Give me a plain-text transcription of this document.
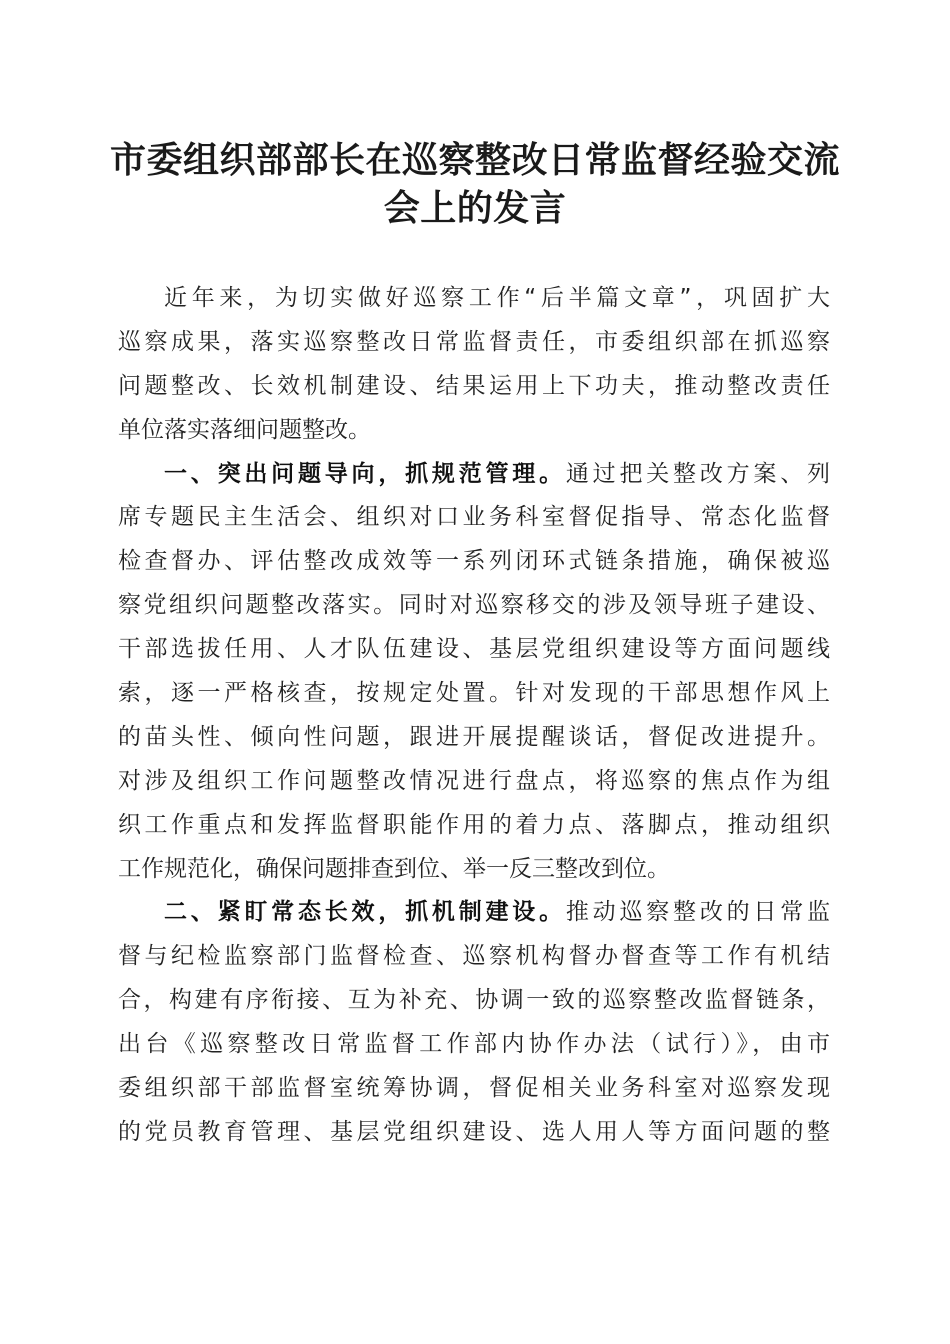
市委组织部部长在巡察整改日常监督经验交流
会上的发言
近年来，为切实做好巡察工作“后半篇文章”，巩固扩大
巡察成果，落实巡察整改日常监督责任，市委组织部在抓巡察
问题整改、长效机制建设、结果运用上下功夫，推动整改责任
单位落实落细问题整改。
一、突出问题导向，抓规范管理。通过把关整改方案、列
席专题民主生活会、组织对口业务科室督促指导、常态化监督
检查督办、评估整改成效等一系列闭环式链条措施，确保被巡
察党组织问题整改落实。同时对巡察移交的涉及领导班子建设、
干部选拔任用、人才队伍建设、基层党组织建设等方面问题线
索，逐一严格核查，按规定处置。针对发现的干部思想作风上
的苗头性、倾向性问题，跟进开展提醒谈话，督促改进提升。
对涉及组织工作问题整改情况进行盘点，将巡察的焦点作为组
织工作重点和发挥监督职能作用的着力点、落脚点，推动组织
工作规范化，确保问题排查到位、举一反三整改到位。
二、紧盯常态长效，抓机制建设。推动巡察整改的日常监
督与纪检监察部门监督检查、巡察机构督办督查等工作有机结
合，构建有序衔接、互为补充、协调一致的巡察整改监督链条，
出台《巡察整改日常监督工作部内协作办法（试行）》，由市
委组织部干部监督室统筹协调，督促相关业务科室对巡察发现
的党员教育管理、基层党组织建设、选人用人等方面问题的整
